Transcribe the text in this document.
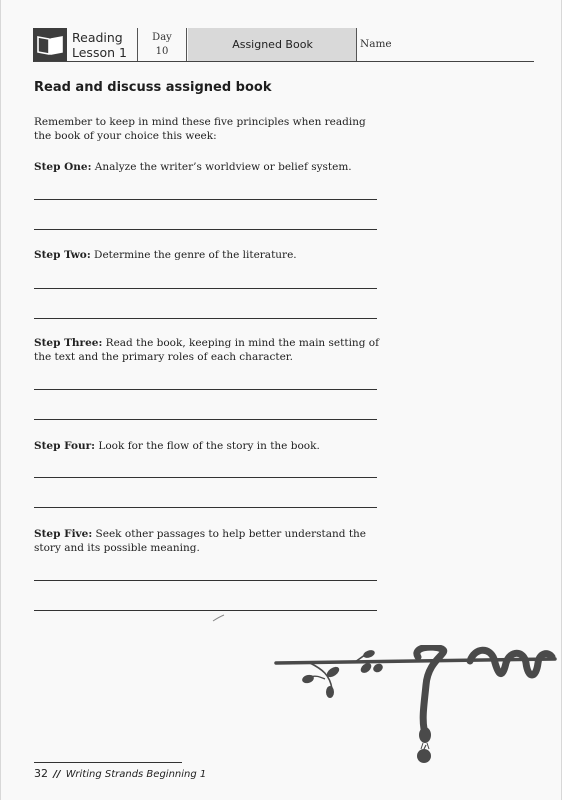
Reading
Lesson 1
Day
10
Assigned Book	Name
Read and discuss assigned book
Remember to keep in mind these five principles when reading the book of your choice this week:
Step One: Analyze the writer’s worldview or belief system.
Step Two: Determine the genre of the literature.
Step Three: Read the book, keeping in mind the main setting of the text and the primary roles of each character.
Step Four: Look for the flow of the story in the book.
Step Five: Seek other passages to help better understand the story and its possible meaning.
32 // Writing Strands Beginning 1
